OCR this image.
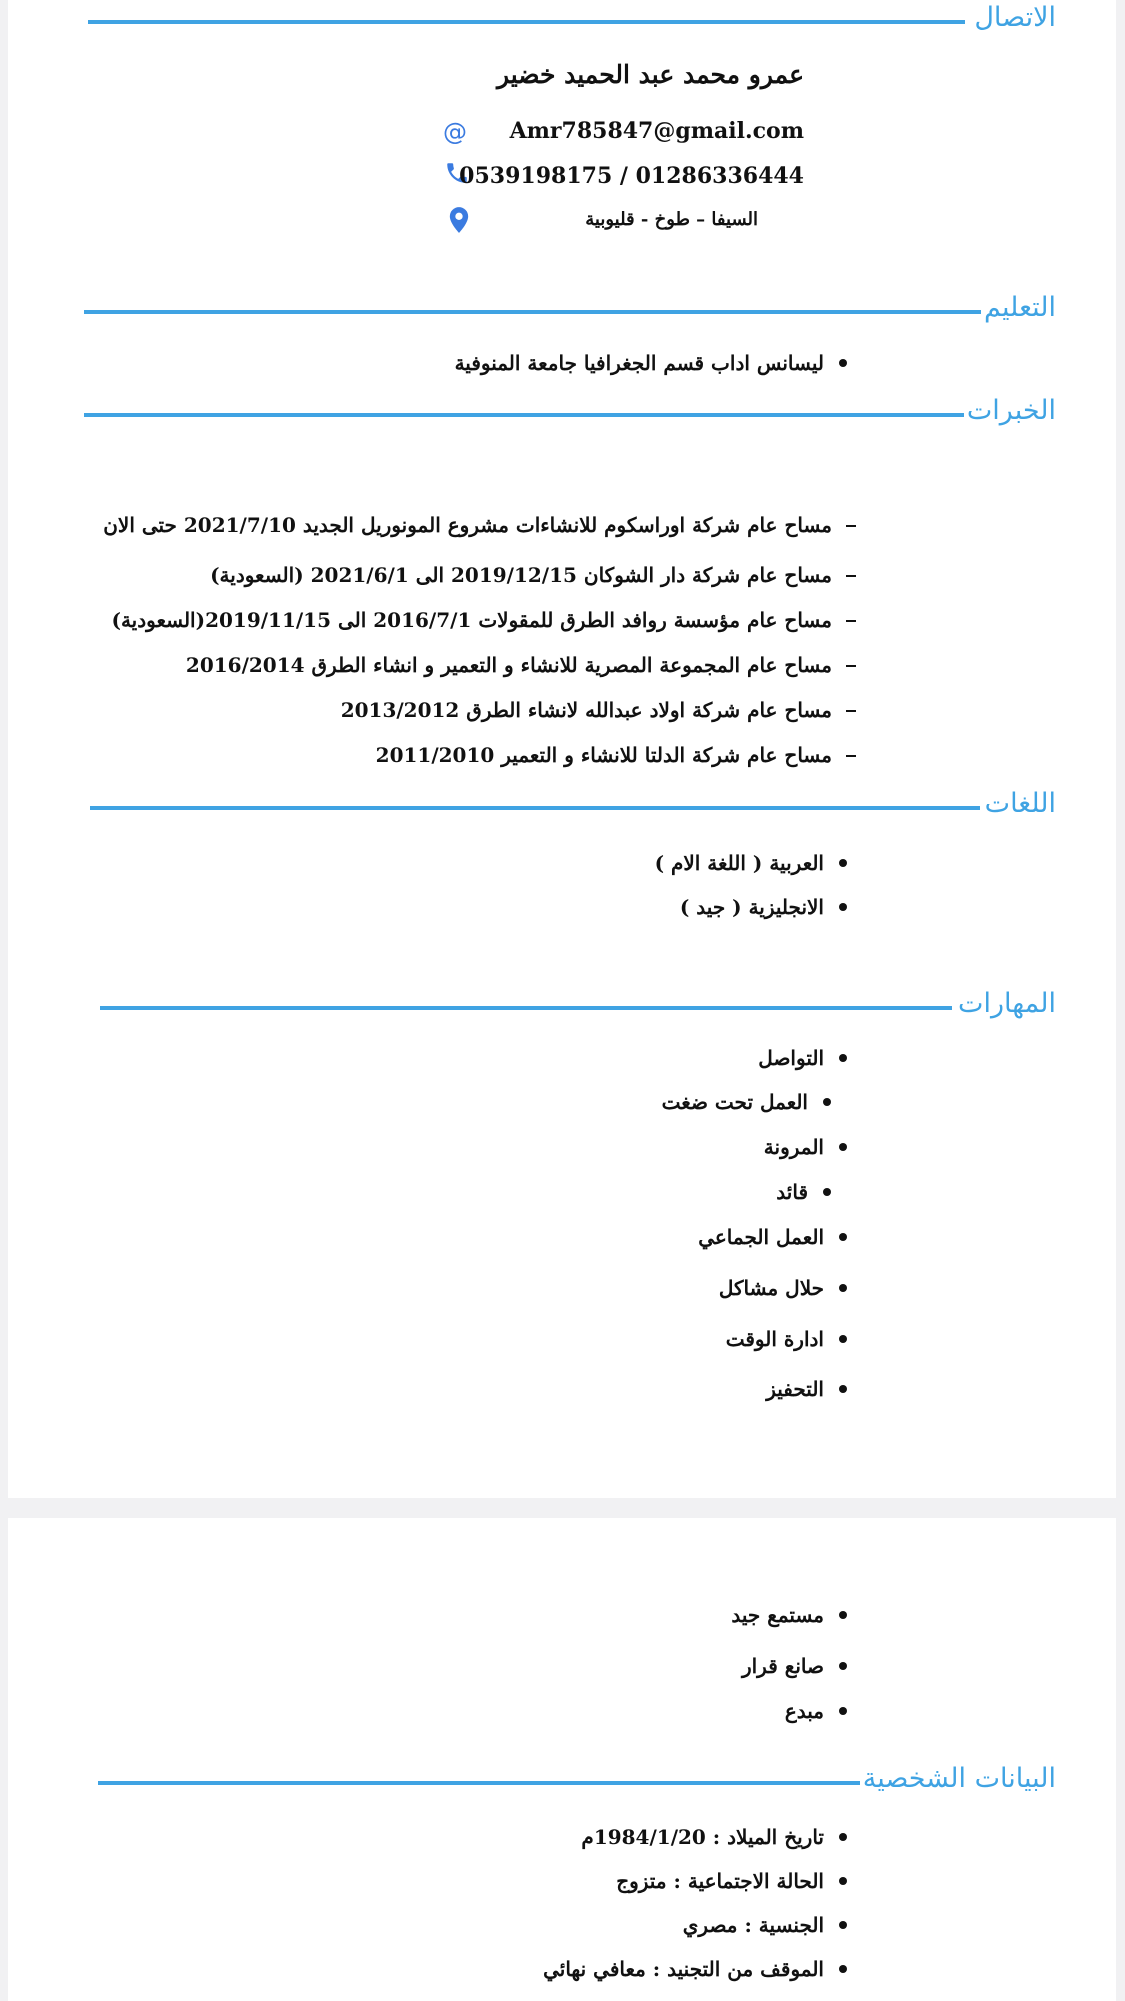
الاتصال
عمرو محمد عبد الحميد خضير
@ Amr785847@gmail.com
01286336444 / 0539198175
السيفا – طوخ - قليوبية
التعليم
ليسانس اداب قسم الجغرافيا جامعة المنوفية
الخبرات
مساح عام شركة اوراسكوم للانشاءات مشروع المونوريل الجديد 2021/7/10 حتى الان
مساح عام شركة دار الشوكان 2019/12/15 الى 2021/6/1 (السعودية)
مساح عام مؤسسة روافد الطرق للمقولات 2016/7/1 الى 2019/11/15(السعودية)
مساح عام المجموعة المصرية للانشاء و التعمير و انشاء الطرق 2016/2014
مساح عام شركة اولاد عبدالله لانشاء الطرق 2013/2012
مساح عام شركة الدلتا للانشاء و التعمير 2011/2010
اللغات
العربية ( اللغة الام )
الانجليزية ( جيد )
المهارات
التواصل
العمل تحت ضغت
المرونة
قائد
العمل الجماعي
حلال مشاكل
ادارة الوقت
التحفيز
مستمع جيد
صانع قرار
مبدع
البيانات الشخصية
تاريخ الميلاد : 1984/1/20م
الحالة الاجتماعية : متزوج
الجنسية : مصري
الموقف من التجنيد : معافي نهائي
